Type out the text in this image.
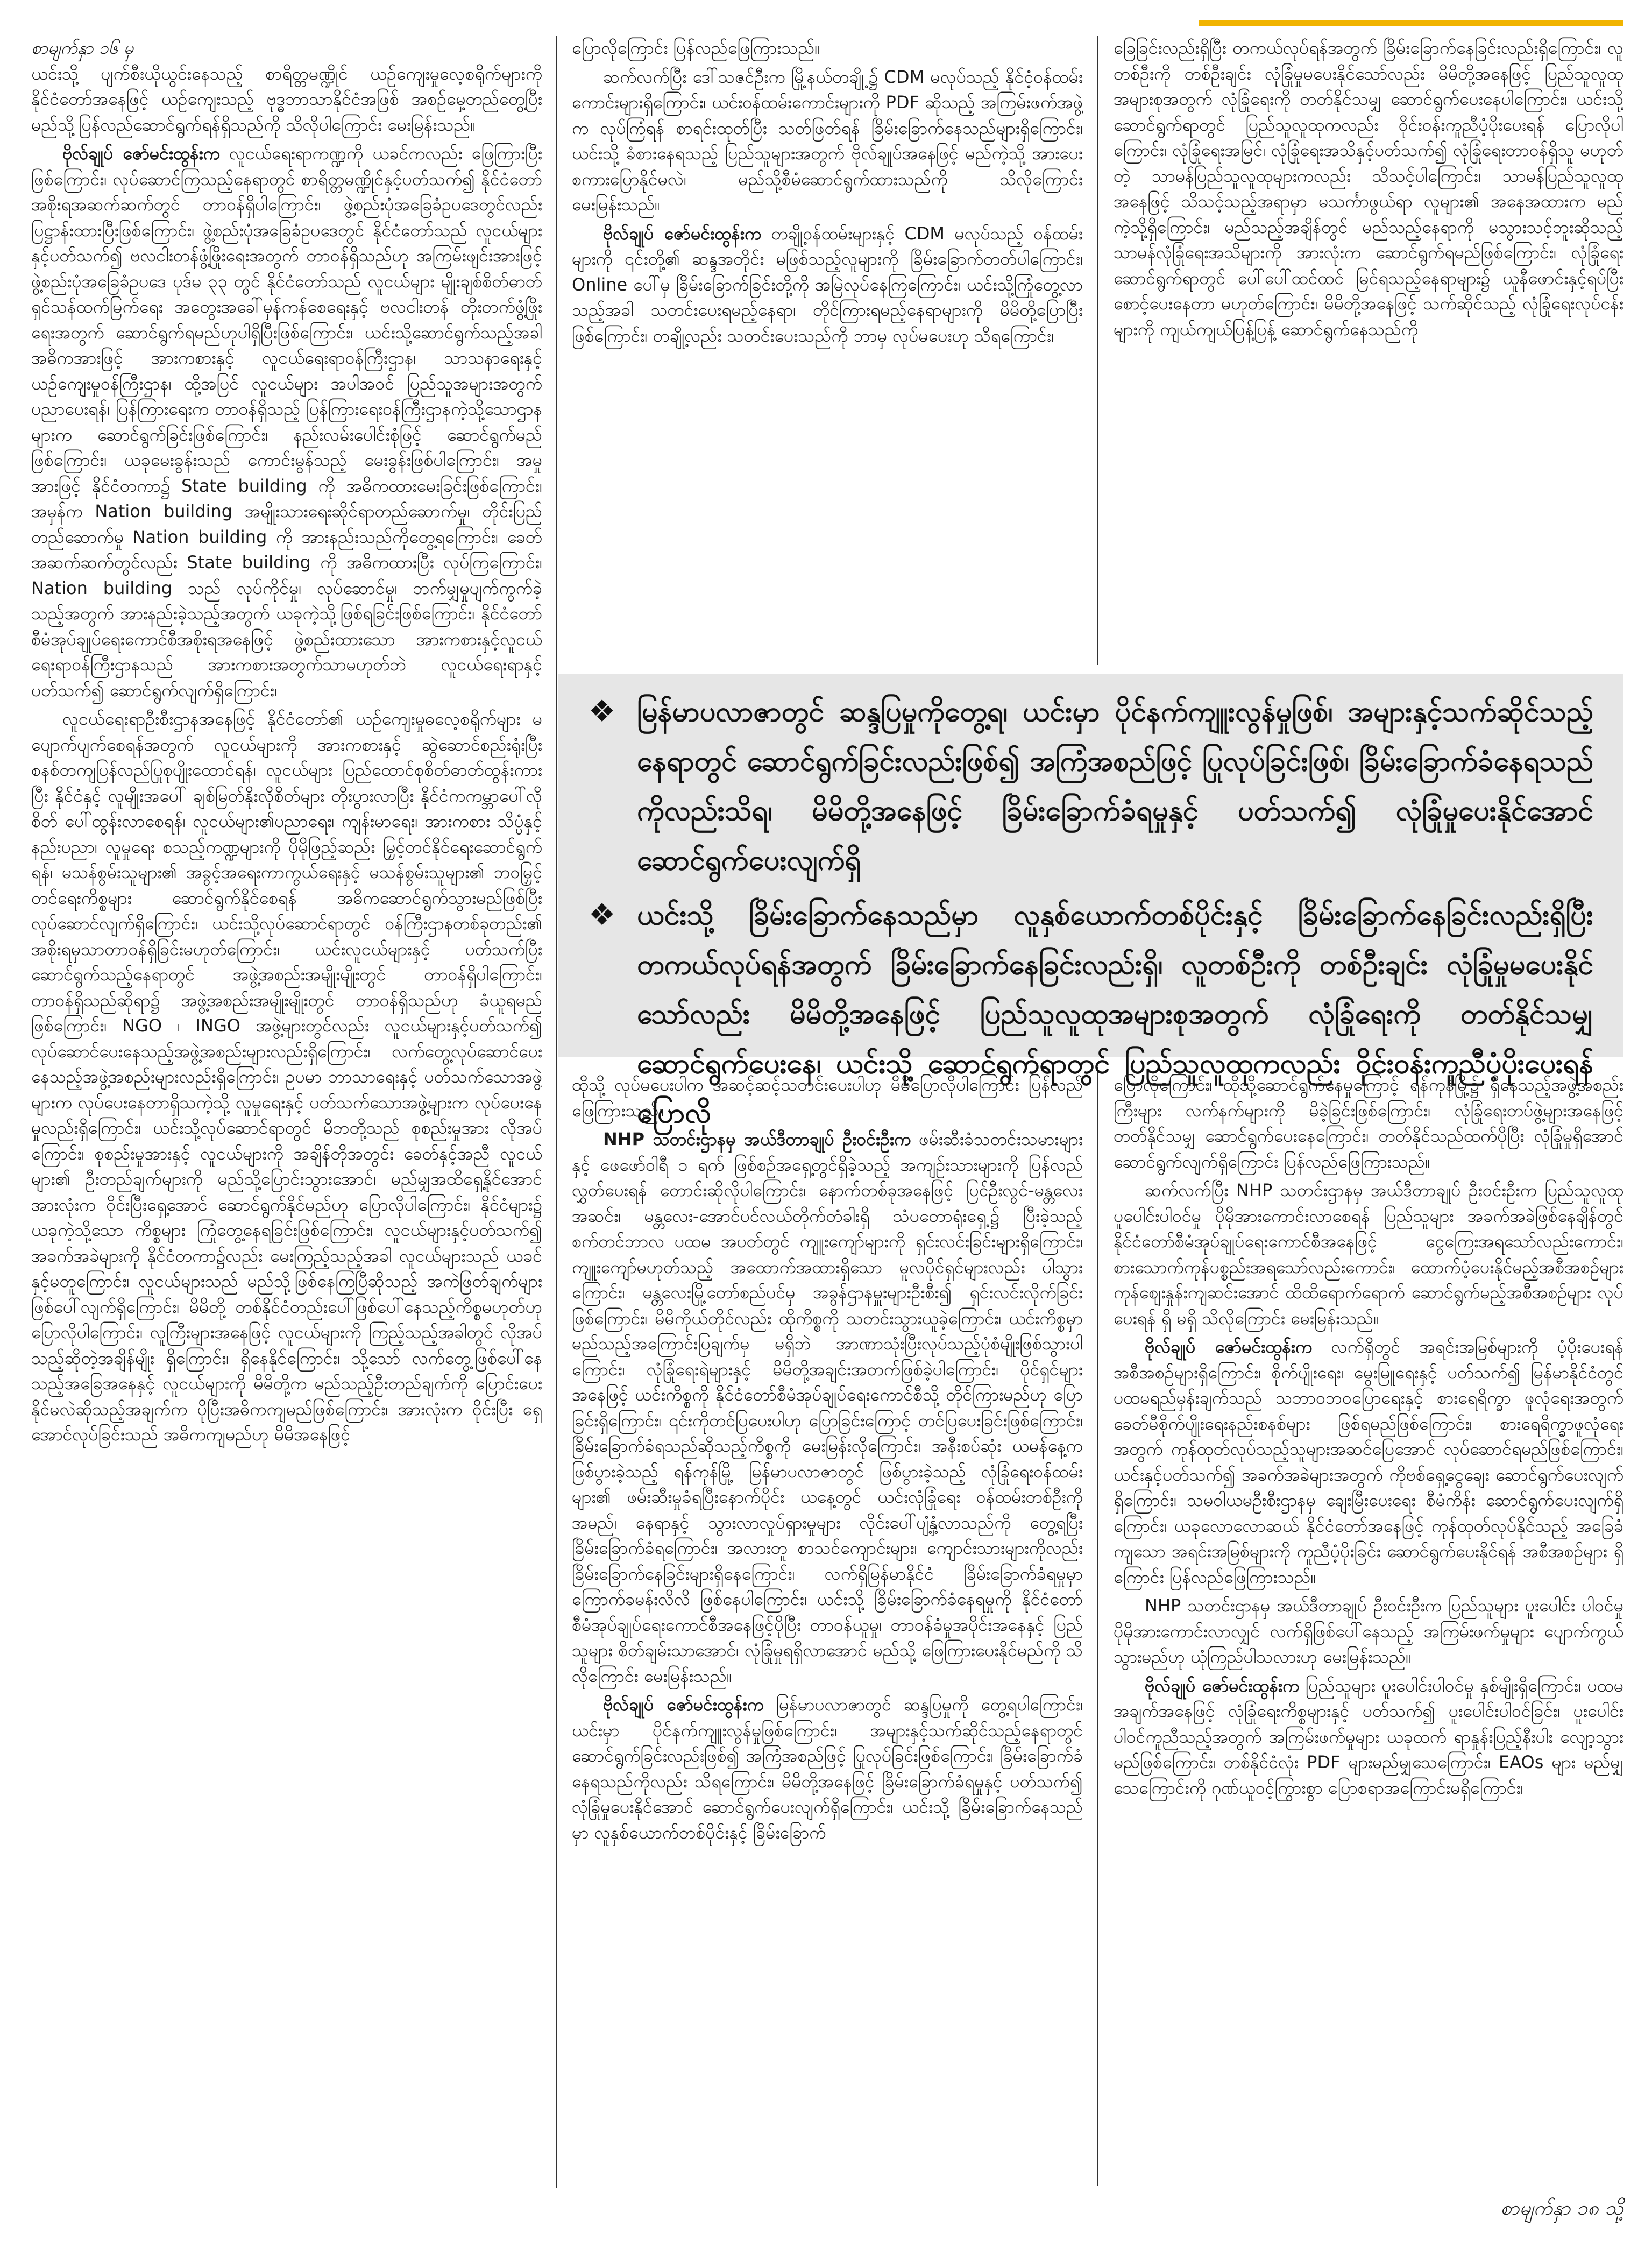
စာမျက်နှာ ၁၆ မှ

ယင်းသို့ ပျက်စီးယိုယွင်းနေသည့် စာရိတ္တမဏ္ဍိုင် ယဉ်ကျေးမှုလေ့စရိုက်များကို နိုင်ငံတော်အနေဖြင့် ယဉ်ကျေးသည့် ဗုဒ္ဓဘာသာနိုင်ငံအဖြစ် အစဉ်မှေ့တည်တွေ့ပြီး မည်သို့ပြန်လည်ဆောင်ရွက်ရန်ရှိသည်ကို သိလိုပါကြောင်း မေးမြန်းသည်။

ဗိုလ်ချုပ် ဇော်မင်းထွန်းက လူငယ်ရေးရာကဏ္ဍကို ယခင်ကလည်း ဖြေကြားပြီးဖြစ်ကြောင်း၊ လုပ်ဆောင်ကြသည့်နေရာတွင် စာရိတ္တမဏ္ဍိုင်နှင့်ပတ်သက်၍ နိုင်ငံတော်အစိုးရအဆက်ဆက်တွင် တာဝန်ရှိပါကြောင်း၊ ဖွဲ့စည်းပုံအခြေခံဥပဒေတွင်လည်း ပြဋ္ဌာန်းထားပြီးဖြစ်ကြောင်း၊ ဖွဲ့စည်းပုံအခြေခံဥပဒေတွင် နိုင်ငံတော်သည် လူငယ်များနှင့်ပတ်သက်၍ ဗလငါးတန်ဖွံ့ဖြိုးရေးအတွက် တာဝန်ရှိသည်ဟု အကြမ်းဖျင်းအားဖြင့် ဖွဲ့စည်းပုံအခြေခံဥပဒေ ပုဒ်မ ၃၃ တွင် နိုင်ငံတော်သည် လူငယ်များ မျိုးချစ်စိတ်ဓာတ် ရှင်သန်ထက်မြက်ရေး အတွေးအခေါ်မှန်ကန်စေရေးနှင့် ဗလငါးတန် တိုးတက်ဖွံ့ဖြိုးရေးအတွက် ဆောင်ရွက်ရမည်ဟုပါရှိပြီးဖြစ်ကြောင်း၊ ယင်းသို့ဆောင်ရွက်သည့်အခါ အဓိကအားဖြင့် အားကစားနှင့် လူငယ်ရေးရာဝန်ကြီးဌာန၊ သာသနာရေးနှင့်ယဉ်ကျေးမှုဝန်ကြီးဌာန၊ ထို့အပြင် လူငယ်များ အပါအဝင် ပြည်သူအများအတွက် ပညာပေးရန်၊ ပြန်ကြားရေးက တာဝန်ရှိသည့် ပြန်ကြားရေးဝန်ကြီးဌာနကဲ့သို့သောဌာနများက ဆောင်ရွက်ခြင်းဖြစ်ကြောင်း၊ နည်းလမ်းပေါင်းစုံဖြင့် ဆောင်ရွက်မည်ဖြစ်ကြောင်း၊ ယခုမေးခွန်းသည် ကောင်းမွန်သည့် မေးခွန်းဖြစ်ပါကြောင်း၊ အမှုအားဖြင့် နိုင်ငံတကာ၌ State building ကို အဓိကထားမေးခြင်းဖြစ်ကြောင်း၊ အမှန်က Nation building အမျိုးသားရေးဆိုင်ရာတည်ဆောက်မှု၊ တိုင်းပြည်တည်ဆောက်မှု Nation building ကို အားနည်းသည်ကိုတွေ့ရကြောင်း၊ ခေတ်အဆက်ဆက်တွင်လည်း State building ကို အဓိကထားပြီး လုပ်ကြကြောင်း၊ Nation building သည် လုပ်ကိုင်မှု၊ လုပ်ဆောင်မှု၊ ဘက်မျှမှုပျက်ကွက်ခဲ့သည့်အတွက် အားနည်းခဲ့သည့်အတွက် ယခုကဲ့သို့ဖြစ်ရခြင်းဖြစ်ကြောင်း၊ နိုင်ငံတော်စီမံအုပ်ချုပ်ရေးကောင်စီအစိုးရအနေဖြင့် ဖွဲ့စည်းထားသော အားကစားနှင့်လူငယ်ရေးရာဝန်ကြီးဌာနသည် အားကစားအတွက်သာမဟုတ်ဘဲ လူငယ်ရေးရာနှင့် ပတ်သက်၍ ဆောင်ရွက်လျက်ရှိကြောင်း၊

လူငယ်ရေးရာဦးစီးဌာနအနေဖြင့် နိုင်ငံတော်၏ ယဉ်ကျေးမှုဓလေ့စရိုက်များ မပျောက်ပျက်စေရန်အတွက် လူငယ်များကို အားကစားနှင့် ဆွဲဆောင်စည်းရုံးပြီး စနစ်တကျပြန်လည်ပြုစုပျိုးထောင်ရန်၊ လူငယ်များ ပြည်ထောင်စုစိတ်ဓာတ်ထွန်းကားပြီး နိုင်ငံနှင့် လူမျိုးအပေါ် ချစ်မြတ်နိုးလိုစိတ်များ တိုးပွားလာပြီး နိုင်ငံကကမ္ဘာပေါ်လိုစိတ် ပေါ်ထွန်းလာစေရန်၊ လူငယ်များ၏ပညာရေး၊ ကျန်းမာရေး၊ အားကစား သိပ္ပံနှင့်နည်းပညာ၊ လူမှုရေး စသည့်ကဏ္ဍများကို ပိုမိုဖြည့်ဆည်း မြှင့်တင်နိုင်ရေးဆောင်ရွက်ရန်၊ မသန်စွမ်းသူများ၏ အခွင့်အရေးကာကွယ်ရေးနှင့် မသန်စွမ်းသူများ၏ ဘဝမြှင့်တင်ရေးကိစ္စများ ဆောင်ရွက်နိုင်စေရန် အဓိကဆောင်ရွက်သွားမည်ဖြစ်ပြီး လုပ်ဆောင်လျက်ရှိကြောင်း၊ ယင်းသို့လုပ်ဆောင်ရာတွင် ဝန်ကြီးဌာနတစ်ခုတည်း၏ အစိုးရမှသာတာဝန်ရှိခြင်းမဟုတ်ကြောင်း၊ ယင်းလူငယ်များနှင့် ပတ်သက်ပြီး ဆောင်ရွက်သည့်နေရာတွင် အဖွဲ့အစည်းအမျိုးမျိုးတွင် တာဝန်ရှိပါကြောင်း၊ တာဝန်ရှိသည်ဆိုရာ၌ အဖွဲ့အစည်းအမျိုးမျိုးတွင် တာဝန်ရှိသည်ဟု ခံယူရမည်ဖြစ်ကြောင်း၊ NGO ၊ INGO အဖွဲ့များတွင်လည်း လူငယ်များနှင့်ပတ်သက်၍ လုပ်ဆောင်ပေးနေသည့်အဖွဲ့အစည်းများလည်းရှိကြောင်း၊ လက်တွေ့လုပ်ဆောင်ပေးနေသည့်အဖွဲ့အစည်းများလည်းရှိကြောင်း၊ ဥပမာ ဘာသာရေးနှင့် ပတ်သက်သောအဖွဲ့များက လုပ်ပေးနေတာရှိသကဲ့သို့ လူမှုရေးနှင့် ပတ်သက်သောအဖွဲ့များက လုပ်ပေးနေမှုလည်းရှိကြောင်း၊ ယင်းသို့လုပ်ဆောင်ရာတွင် မိဘတို့သည် စုစည်းမှုအား လိုအပ်ကြောင်း၊ စုစည်းမှုအားနှင့် လူငယ်များကို အချိန်တိုအတွင်း ခေတ်နှင့်အညီ လူငယ်များ၏ ဦးတည်ချက်များကို မည်သို့ပြောင်းသွားအောင်၊ မည်မျှအထိရှေ့နိုင်အောင် အားလုံးက ဝိုင်းပြီးရှေ့အောင် ဆောင်ရွက်နိုင်မည်ဟု ပြောလိုပါကြောင်း၊ နိုင်ငံများ၌ ယခုကဲ့သို့သော ကိစ္စများ ကြုံတွေ့နေရခြင်းဖြစ်ကြောင်း၊ လူငယ်များနှင့်ပတ်သက်၍ အခက်အခဲများကို နိုင်ငံတကာ၌လည်း မေးကြည့်သည့်အခါ လူငယ်များသည် ယခင်နှင့်မတူကြောင်း၊ လူငယ်များသည် မည်သို့ဖြစ်နေကြပြီဆိုသည့် အကဲဖြတ်ချက်များ ဖြစ်ပေါ်လျက်ရှိကြောင်း၊ မိမိတို့ တစ်နိုင်ငံတည်းပေါ်ဖြစ်ပေါ်နေသည့်ကိစ္စမဟုတ်ဟု ပြောလိုပါကြောင်း၊ လူကြီးများအနေဖြင့် လူငယ်များကို ကြည့်သည့်အခါတွင် လိုအပ်သည့်ဆိုတဲ့အချိန်မျိုး ရှိကြောင်း၊ ရှိနေနိုင်ကြောင်း၊ သို့သော် လက်တွေ့ဖြစ်ပေါ်နေသည့်အခြေအနေနှင့် လူငယ်များကို မိမိတို့က မည်သည့်ဦးတည်ချက်ကို ပြောင်းပေးနိုင်မလဲဆိုသည့်အချက်က ပိုပြီးအဓိကကျမည်ဖြစ်ကြောင်း၊ အားလုံးက ဝိုင်းပြီး ရှေ့အောင်လုပ်ခြင်းသည် အဓိကကျမည်ဟု မိမိအနေဖြင့်

ပြောလိုကြောင်း ပြန်လည်ဖြေကြားသည်။

ဆက်လက်ပြီး ဒေါ်သဇင်ဦးက မြို့နယ်တချို့၌ CDM မလုပ်သည့် နိုင်ငံ့ဝန်ထမ်းကောင်းများရှိကြောင်း၊ ယင်းဝန်ထမ်းကောင်းများကို PDF ဆိုသည့် အကြမ်းဖက်အဖွဲ့က လုပ်ကြံရန် စာရင်းထုတ်ပြီး သတ်ဖြတ်ရန် ခြိမ်းခြောက်နေသည်များရှိကြောင်း၊ ယင်းသို့ ခံစားနေရသည့် ပြည်သူများအတွက် ဗိုလ်ချုပ်အနေဖြင့် မည်ကဲ့သို့ အားပေးစကားပြောနိုင်မလဲ၊ မည်သို့စီမံဆောင်ရွက်ထားသည်ကို သိလိုကြောင်း မေးမြန်းသည်။

ဗိုလ်ချုပ် ဇော်မင်းထွန်းက တချို့ဝန်ထမ်းများနှင့် CDM မလုပ်သည့် ဝန်ထမ်းများကို ၎င်းတို့၏ ဆန္ဒအတိုင်း မဖြစ်သည့်လူများကို ခြိမ်းခြောက်တတ်ပါကြောင်း၊ Online ပေါ်မှ ခြိမ်းခြောက်ခြင်းတို့ကို အမြဲလုပ်နေကြကြောင်း၊ ယင်းသို့ကြုံတွေ့လာသည့်အခါ သတင်းပေးရမည့်နေရာ၊ တိုင်ကြားရမည့်နေရာများကို မိမိတို့ပြောပြီးဖြစ်ကြောင်း၊ တချို့လည်း သတင်းပေးသည်ကို ဘာမှ လုပ်မပေးဟု သိရကြောင်း၊

ခြေခြင်းလည်းရှိပြီး တကယ်လုပ်ရန်အတွက် ခြိမ်းခြောက်နေခြင်းလည်းရှိကြောင်း၊ လူတစ်ဦးကို တစ်ဦးချင်း လုံခြုံမှုမပေးနိုင်သော်လည်း မိမိတို့အနေဖြင့် ပြည်သူလူထုအများစုအတွက် လုံခြုံရေးကို တတ်နိုင်သမျှ ဆောင်ရွက်ပေးနေပါကြောင်း၊ ယင်းသို့ဆောင်ရွက်ရာတွင် ပြည်သူလူထုကလည်း ဝိုင်းဝန်းကူညီပံ့ပိုးပေးရန် ပြောလိုပါကြောင်း၊ လုံခြုံရေးအမြင်၊ လုံခြုံရေးအသိနှင့်ပတ်သက်၍ လုံခြုံရေးတာဝန်ရှိသူ မဟုတ်တဲ့ သာမန်ပြည်သူလူထုများကလည်း သိသင့်ပါကြောင်း၊ သာမန်ပြည်သူလူထုအနေဖြင့် သိသင့်သည့်အရာမှာ မသင်္ကာဖွယ်ရာ လူများ၏ အနေအထားက မည်ကဲ့သို့ရှိကြောင်း၊ မည်သည့်အချိန်တွင် မည်သည့်နေရာကို မသွားသင့်ဘူးဆိုသည့် သာမန်လုံခြုံရေးအသိများကို အားလုံးက ဆောင်ရွက်ရမည်ဖြစ်ကြောင်း၊ လုံခြုံရေးဆောင်ရွက်ရာတွင် ပေါ်ပေါ်ထင်ထင် မြင်ရသည့်နေရာများ၌ ယူနီဖောင်းနှင့်ရပ်ပြီး စောင့်ပေးနေတာ မဟုတ်ကြောင်း၊ မိမိတို့အနေဖြင့် သက်ဆိုင်သည့် လုံခြုံရေးလုပ်ငန်းများကို ကျယ်ကျယ်ပြန့်ပြန့် ဆောင်ရွက်နေသည်ကို

❖ မြန်မာပလာဇာတွင် ဆန္ဒပြမှုကိုတွေ့ရ၊ ယင်းမှာ ပိုင်နက်ကျူးလွန်မှုဖြစ်၊ အများနှင့်သက်ဆိုင်သည့်နေရာတွင် ဆောင်ရွက်ခြင်းလည်းဖြစ်၍ အကြံအစည်ဖြင့် ပြုလုပ်ခြင်းဖြစ်၊ ခြိမ်းခြောက်ခံနေရသည်ကိုလည်းသိရ၊ မိမိတို့အနေဖြင့် ခြိမ်းခြောက်ခံရမှုနှင့် ပတ်သက်၍ လုံခြုံမှုပေးနိုင်အောင် ဆောင်ရွက်ပေးလျက်ရှိ
❖ ယင်းသို့ ခြိမ်းခြောက်နေသည်မှာ လူနှစ်ယောက်တစ်ပိုင်းနှင့် ခြိမ်းခြောက်နေခြင်းလည်းရှိပြီး တကယ်လုပ်ရန်အတွက် ခြိမ်းခြောက်နေခြင်းလည်းရှိ၊ လူတစ်ဦးကို တစ်ဦးချင်း လုံခြုံမှုမပေးနိုင်သော်လည်း မိမိတို့အနေဖြင့် ပြည်သူလူထုအများစုအတွက် လုံခြုံရေးကို တတ်နိုင်သမျှ ဆောင်ရွက်ပေးနေ၊ ယင်းသို့ ဆောင်ရွက်ရာတွင် ပြည်သူလူထုကလည်း ဝိုင်းဝန်းကူညီပံ့ပိုးပေးရန်ပြောလို

ထိုသို့ လုပ်မပေးပါက အဆင့်ဆင့်သတင်းပေးပါဟု မိမိပြောလိုပါကြောင်း ပြန်လည်ဖြေကြားသည်။

NHP သတင်းဌာနမှ အယ်ဒီတာချုပ် ဦးဝင်းဦးက ဖမ်းဆီးခံသတင်းသမားများနှင့် ဖေဖော်ဝါရီ ၁ ရက် ဖြစ်စဉ်အရှေ့တွင်ရှိခဲ့သည့် အကျဉ်းသားများကို ပြန်လည်လွှတ်ပေးရန် တောင်းဆိုလိုပါကြောင်း၊ နောက်တစ်ခုအနေဖြင့် ပြင်ဦးလွင်-မန္တလေးအဆင်း၊ မန္တလေး-အောင်ပင်လယ်တိုက်တံခါးရှိ သံပတောရုံးရှေ့၌ ပြီးခဲ့သည့် စက်တင်ဘာလ ပထမ အပတ်တွင် ကျူးကျော်များကို ရှင်းလင်းခြင်းများရှိကြောင်း၊ ကျူးကျော်မဟုတ်သည့် အထောက်အထားရှိသော မူလပိုင်ရှင်များလည်း ပါသွားကြောင်း၊ မန္တလေးမြို့တော်စည်ပင်မှ အခွန်ဌာနမှူးများဦးစီး၍ ရှင်းလင်းလိုက်ခြင်းဖြစ်ကြောင်း၊ မိမိကိုယ်တိုင်လည်း ထိုကိစ္စကို သတင်းသွားယူခဲ့ကြောင်း၊ ယင်းကိစ္စမှာ မည်သည့်အကြောင်းပြချက်မှ မရှိဘဲ အာဏာသုံးပြီးလုပ်သည့်ပုံစံမျိုးဖြစ်သွားပါကြောင်း၊ လုံခြုံရေးရဲများနှင့် မိမိတို့အချင်းအတက်ဖြစ်ခဲ့ပါကြောင်း၊ ပိုင်ရှင်များအနေဖြင့် ယင်းကိစ္စကို နိုင်ငံတော်စီမံအုပ်ချုပ်ရေးကောင်စီသို့ တိုင်ကြားမည်ဟု ပြောခြင်းရှိကြောင်း၊ ၎င်းကိုတင်ပြပေးပါဟု ပြောခြင်းကြောင့် တင်ပြပေးခြင်းဖြစ်ကြောင်း၊ ခြိမ်းခြောက်ခံရသည်ဆိုသည့်ကိစ္စကို မေးမြန်းလိုကြောင်း၊ အနီးစပ်ဆုံး ယမန်နေ့ကဖြစ်ပွားခဲ့သည့် ရန်ကုန်မြို့ မြန်မာပလာဇာတွင် ဖြစ်ပွားခဲ့သည့် လုံခြုံရေးဝန်ထမ်းများ၏ ဖမ်းဆီးမှုခံရပြီးနောက်ပိုင်း ယနေ့တွင် ယင်းလုံခြုံရေး ဝန်ထမ်းတစ်ဦးကို အမည်၊ နေရာနှင့် သွားလာလှုပ်ရှားမှုများ လိုင်းပေါ်ပျံ့နှံ့လာသည်ကို တွေ့ရပြီး ခြိမ်းခြောက်ခံရကြောင်း၊ အလားတူ စာသင်ကျောင်းများ၊ ကျောင်းသားများကိုလည်း ခြိမ်းခြောက်နေခြင်းများရှိနေကြောင်း၊ လက်ရှိမြန်မာနိုင်ငံ ခြိမ်းခြောက်ခံရမှုမှာ ကြောက်ခမန်းလိလိ ဖြစ်နေပါကြောင်း၊ ယင်းသို့ ခြိမ်းခြောက်ခံနေရမှုကို နိုင်ငံတော်စီမံအုပ်ချုပ်ရေးကောင်စီအနေဖြင့်ပိုပြီး တာဝန်ယူမှု၊ တာဝန်ခံမှုအပိုင်းအနေနှင့် ပြည်သူများ စိတ်ချမ်းသာအောင်၊ လုံခြုံမှုရရှိလာအောင် မည်သို့ ဖြေကြားပေးနိုင်မည်ကို သိလိုကြောင်း မေးမြန်းသည်။

ဗိုလ်ချုပ် ဇော်မင်းထွန်းက မြန်မာပလာဇာတွင် ဆန္ဒပြမှုကို တွေ့ရပါကြောင်း၊ ယင်းမှာ ပိုင်နက်ကျူးလွန်မှုဖြစ်ကြောင်း၊ အများနှင့်သက်ဆိုင်သည့်နေရာတွင် ဆောင်ရွက်ခြင်းလည်းဖြစ်၍ အကြံအစည်ဖြင့် ပြုလုပ်ခြင်းဖြစ်ကြောင်း၊ ခြိမ်းခြောက်ခံနေရသည်ကိုလည်း သိရကြောင်း၊ မိမိတို့အနေဖြင့် ခြိမ်းခြောက်ခံရမှုနှင့် ပတ်သက်၍ လုံခြုံမှုပေးနိုင်အောင် ဆောင်ရွက်ပေးလျက်ရှိကြောင်း၊ ယင်းသို့ ခြိမ်းခြောက်နေသည်မှာ လူနှစ်ယောက်တစ်ပိုင်းနှင့် ခြိမ်းခြောက်

ပြောလိုကြောင်း၊ ထိုသို့ဆောင်ရွက်နေမှုကြောင့် ရန်ကုန်မြို့၌ ရှိနေသည့်အဖွဲ့အစည်းကြီးများ လက်နက်များကို မိခဲ့ခြင်းဖြစ်ကြောင်း၊ လုံခြုံရေးတပ်ဖွဲ့များအနေဖြင့် တတ်နိုင်သမျှ ဆောင်ရွက်ပေးနေကြောင်း၊ တတ်နိုင်သည်ထက်ပိုပြီး လုံခြုံမှုရှိအောင် ဆောင်ရွက်လျက်ရှိကြောင်း ပြန်လည်ဖြေကြားသည်။

ဆက်လက်ပြီး NHP သတင်းဌာနမှ အယ်ဒီတာချုပ် ဦးဝင်းဦးက ပြည်သူလူထု ပူပေါင်းပါဝင်မှု ပိုမိုအားကောင်းလာစေရန် ပြည်သူများ အခက်အခဲဖြစ်နေချိန်တွင် နိုင်ငံတော်စီမံအုပ်ချုပ်ရေးကောင်စီအနေဖြင့် ငွေကြေးအရသော်လည်းကောင်း၊ စားသောက်ကုန်ပစ္စည်းအရသော်လည်းကောင်း၊ ထောက်ပံ့ပေးနိုင်မည့်အစီအစဉ်များ ကုန်စျေးနှုန်းကျဆင်းအောင် ထိထိရောက်ရောက် ဆောင်ရွက်မည့်အစီအစဉ်များ လုပ်ပေးရန် ရှိ မရှိ သိလိုကြောင်း မေးမြန်းသည်။

ဗိုလ်ချုပ် ဇော်မင်းထွန်းက လက်ရှိတွင် အရင်းအမြစ်များကို ပံ့ပိုးပေးရန် အစီအစဉ်များရှိကြောင်း၊ စိုက်ပျိုးရေး၊ မွေးမြူရေးနှင့် ပတ်သက်၍ မြန်မာနိုင်ငံတွင် ပထမရည်မှန်းချက်သည် သဘာဝဘဝပြောရေးနှင့် စားရေရိက္ခာ ဖူလုံရေးအတွက် ခေတ်မီစိုက်ပျိုးရေးနည်းစနစ်များ ဖြစ်ရမည်ဖြစ်ကြောင်း၊ စားရေရိက္ခာဖူလုံရေးအတွက် ကုန်ထုတ်လုပ်သည့်သူများအဆင်ပြေအောင် လုပ်ဆောင်ရမည်ဖြစ်ကြောင်း၊ ယင်းနှင့်ပတ်သက်၍ အခက်အခဲများအတွက် ကိုဗစ်ရှေ့ငွေချေး ဆောင်ရွက်ပေးလျက်ရှိကြောင်း၊ သမဝါယမဦးစီးဌာနမှ ချေးမြီးပေးရေး စီမံကိန်း ဆောင်ရွက်ပေးလျက်ရှိကြောင်း၊ ယခုလောလောဆယ် နိုင်ငံတော်အနေဖြင့် ကုန်ထုတ်လုပ်နိုင်သည့် အခြေခံကျသော အရင်းအမြစ်များကို ကူညီပံ့ပိုးခြင်း ဆောင်ရွက်ပေးနိုင်ရန် အစီအစဉ်များ ရှိကြောင်း ပြန်လည်ဖြေကြားသည်။

NHP သတင်းဌာနမှ အယ်ဒီတာချုပ် ဦးဝင်းဦးက ပြည်သူများ ပူးပေါင်း ပါဝင်မှုပိုမိုအားကောင်းလာလျှင် လက်ရှိဖြစ်ပေါ်နေသည့် အကြမ်းဖက်မှုများ ပျောက်ကွယ်သွားမည်ဟု ယုံကြည်ပါသလားဟု မေးမြန်းသည်။

ဗိုလ်ချုပ် ဇော်မင်းထွန်းက ပြည်သူများ ပူးပေါင်းပါဝင်မှု နှစ်မျိုးရှိကြောင်း၊ ပထမအချက်အနေဖြင့် လုံခြုံရေးကိစ္စများနှင့် ပတ်သက်၍ ပူးပေါင်းပါဝင်ခြင်း၊ ပူးပေါင်းပါဝင်ကူညီသည့်အတွက် အကြမ်းဖက်မှုများ ယခုထက် ရာနှုန်းပြည့်နီးပါး လျော့သွားမည်ဖြစ်ကြောင်း၊ တစ်နိုင်ငံလုံး PDF များမည်မျှသေကြောင်း၊ EAOs များ မည်မျှ သေကြောင်းကို ဂုဏ်ယူဝင့်ကြွားစွာ ပြောစရာအကြောင်းမရှိကြောင်း၊

စာမျက်နှာ ၁၈ သို့
